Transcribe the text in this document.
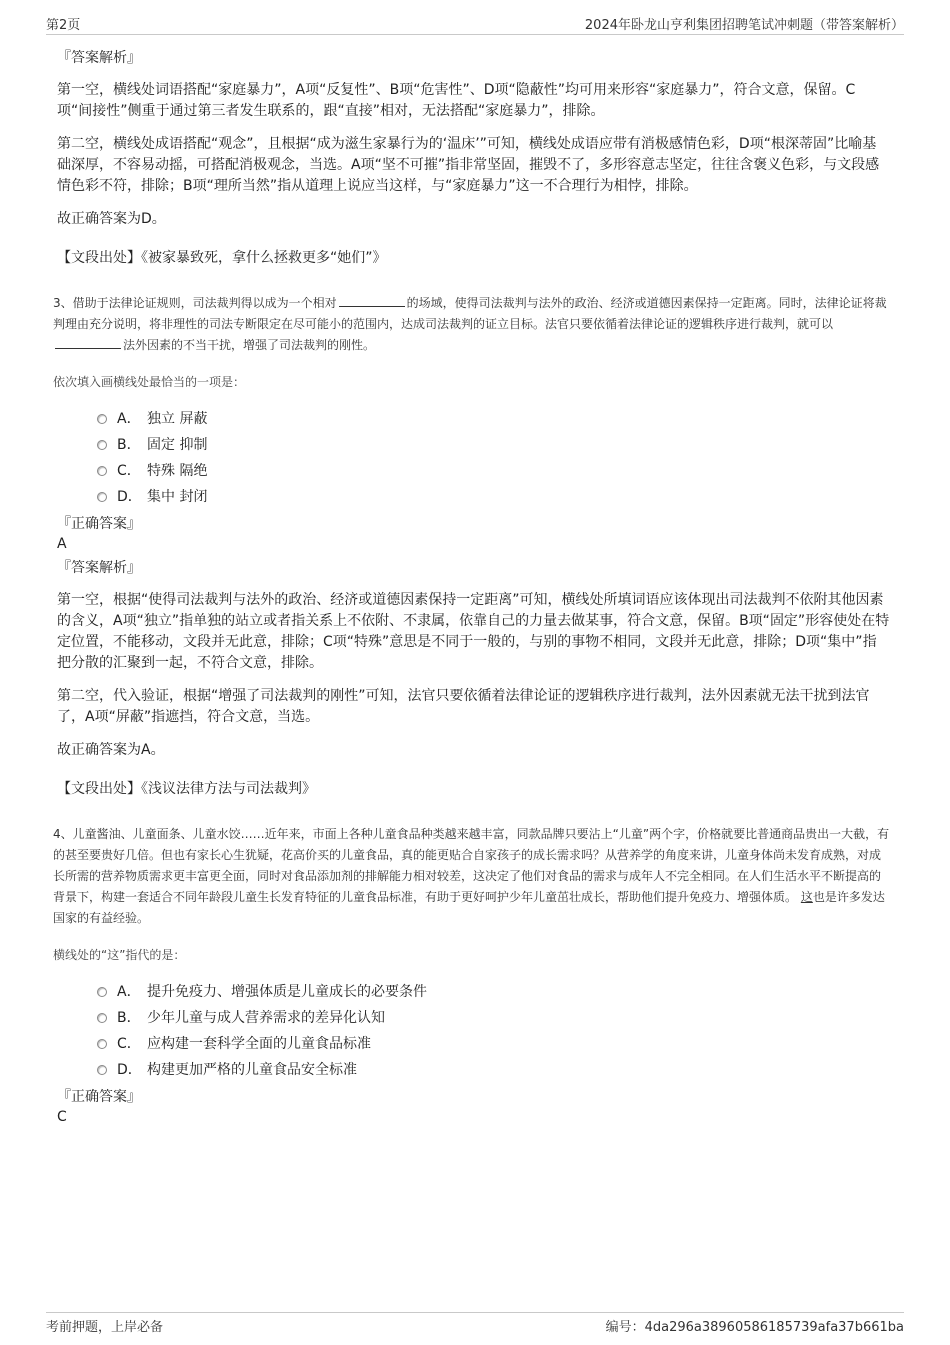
第2页	2024年卧龙山亨利集团招聘笔试冲刺题（带答案解析）
『答案解析』

第一空，横线处词语搭配“家庭暴力”，A项“反复性”、B项“危害性”、D项“隐蔽性”均可用来形容“家庭暴力”，符合文意，保留。C项“间接性”侧重于通过第三者发生联系的，跟“直接”相对，无法搭配“家庭暴力”，排除。

第二空，横线处成语搭配“观念”，且根据“成为滋生家暴行为的‘温床’”可知，横线处成语应带有消极感情色彩，D项“根深蒂固”比喻基础深厚，不容易动摇，可搭配消极观念，当选。A项“坚不可摧”指非常坚固，摧毁不了，多形容意志坚定，往往含褒义色彩，与文段感情色彩不符，排除；B项“理所当然”指从道理上说应当这样，与“家庭暴力”这一不合理行为相悖，排除。

故正确答案为D。

【文段出处】《被家暴致死，拿什么拯救更多“她们”》

3、借助于法律论证规则，司法裁判得以成为一个相对	的场域，使得司法裁判与法外的政治、经济或道德因素保持一定距离。同时，法律论证将裁判理由充分说明，将非理性的司法专断限定在尽可能小的范围内，达成司法裁判的证立目标。法官只要依循着法律论证的逻辑秩序进行裁判，就可以法外因素的不当干扰，增强了司法裁判的刚性。
依次填入画横线处最恰当的一项是：
A． 独立 屏蔽
B． 固定 抑制
C． 特殊 隔绝
D． 集中 封闭
『正确答案』
A
『答案解析』

第一空，根据“使得司法裁判与法外的政治、经济或道德因素保持一定距离”可知，横线处所填词语应该体现出司法裁判不依附其他因素的含义，A项“独立”指单独的站立或者指关系上不依附、不隶属，依靠自己的力量去做某事，符合文意，保留。B项“固定”形容使处在特定位置，不能移动，文段并无此意，排除；C项“特殊”意思是不同于一般的，与别的事物不相同，文段并无此意，排除；D项“集中”指把分散的汇聚到一起，不符合文意，排除。

第二空，代入验证，根据“增强了司法裁判的刚性”可知，法官只要依循着法律论证的逻辑秩序进行裁判，法外因素就无法干扰到法官了，A项“屏蔽”指遮挡，符合文意，当选。

故正确答案为A。

【文段出处】《浅议法律方法与司法裁判》

4、儿童酱油、儿童面条、儿童水饺……近年来，市面上各种儿童食品种类越来越丰富，同款品牌只要沾上“儿童”两个字，价格就要比普通商品贵出一大截，有的甚至要贵好几倍。但也有家长心生犹疑，花高价买的儿童食品，真的能更贴合自家孩子的成长需求吗？从营养学的角度来讲，儿童身体尚未发育成熟，对成长所需的营养物质需求更丰富更全面，同时对食品添加剂的排解能力相对较差，这决定了他们对食品的需求与成年人不完全相同。在人们生活水平不断提高的背景下，构建一套适合不同年龄段儿童生长发育特征的儿童食品标准，有助于更好呵护少年儿童茁壮成长，帮助他们提升免疫力、增强体质。 这也是许多发达国家的有益经验。
横线处的“这”指代的是：
A． 提升免疫力、增强体质是儿童成长的必要条件
B． 少年儿童与成人营养需求的差异化认知
C． 应构建一套科学全面的儿童食品标准
D． 构建更加严格的儿童食品安全标准
『正确答案』
C
考前押题，上岸必备	编号：4da296a38960586185739afa37b661ba
